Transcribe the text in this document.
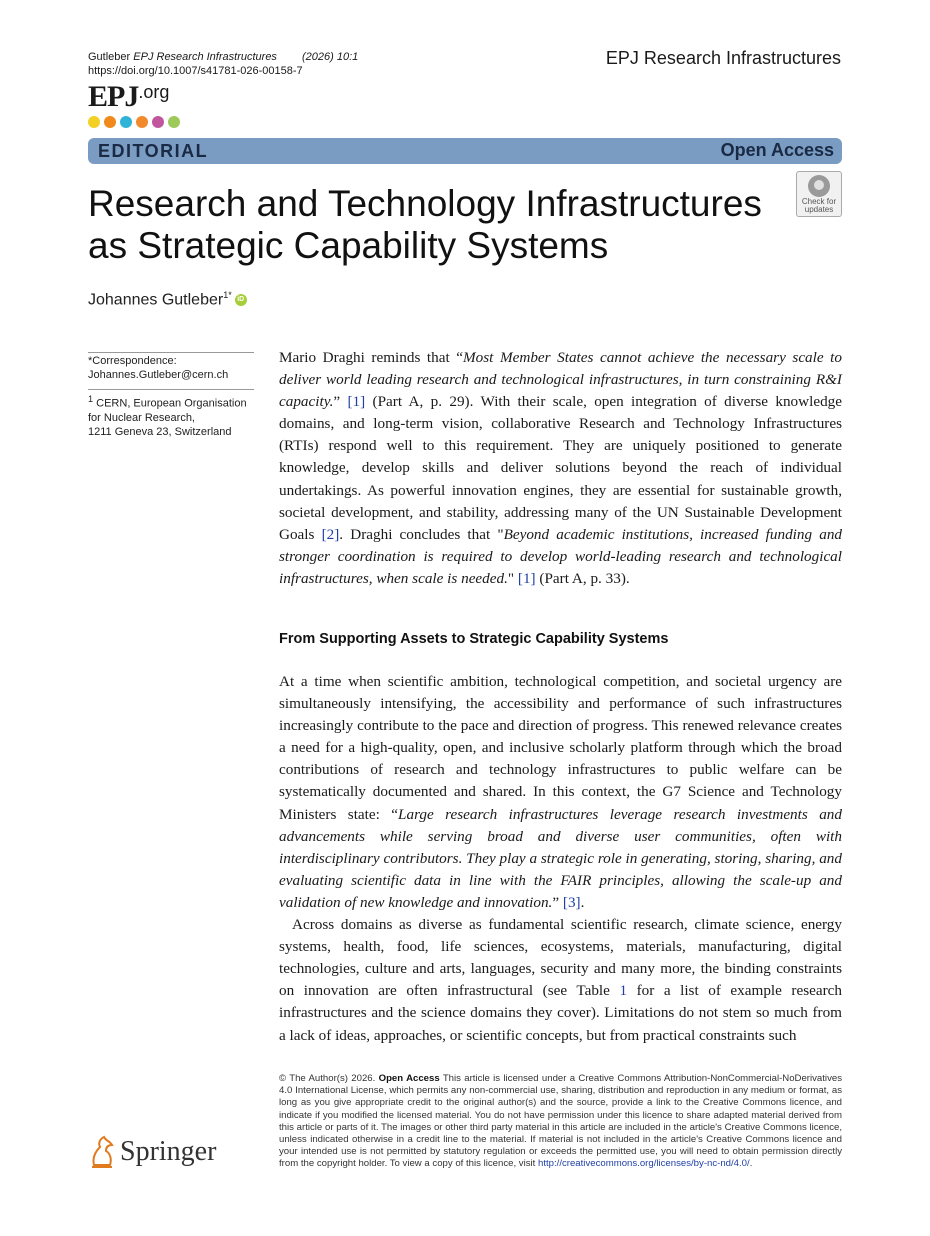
Gutleber EPJ Research Infrastructures (2026) 10:1
https://doi.org/10.1007/s41781-026-00158-7
EPJ Research Infrastructures
EPJ.org
EDITORIAL	Open Access
Research and Technology Infrastructures as Strategic Capability Systems
Check for updates
Johannes Gutleber$^{1*}$ iD
*Correspondence:
Johannes.Gutleber@cern.ch
$^1$ CERN, European Organisation
for Nuclear Research,
1211 Geneva 23, Switzerland

Mario Draghi reminds that “Most Member States cannot achieve the necessary scale to deliver world leading research and technological infrastructures, in turn constraining R&I capacity.” [1] (Part A, p. 29). With their scale, open integration of diverse knowledge domains, and long-term vision, collaborative Research and Technology Infrastructures (RTIs) respond well to this requirement. They are uniquely positioned to generate knowledge, develop skills and deliver solutions beyond the reach of individual undertakings. As powerful innovation engines, they are essential for sustainable growth, societal development, and stability, addressing many of the UN Sustainable Development Goals [2]. Draghi concludes that "Beyond academic institutions, increased funding and stronger coordination is required to develop world-leading research and technological infrastructures, when scale is needed." [1] (Part A, p. 33).

From Supporting Assets to Strategic Capability Systems

At a time when scientific ambition, technological competition, and societal urgency are simultaneously intensifying, the accessibility and performance of such infrastructures increasingly contribute to the pace and direction of progress. This renewed relevance creates a need for a high-quality, open, and inclusive scholarly platform through which the broad contributions of research and technology infrastructures to public welfare can be systematically documented and shared. In this context, the G7 Science and Technology Ministers state: “Large research infrastructures leverage research investments and advancements while serving broad and diverse user communities, often with interdisciplinary contributors. They play a strategic role in generating, storing, sharing, and evaluating scientific data in line with the FAIR principles, allowing the scale-up and validation of new knowledge and innovation.” [3].

Across domains as diverse as fundamental scientific research, climate science, energy systems, health, food, life sciences, ecosystems, materials, manufacturing, digital technologies, culture and arts, languages, security and many more, the binding constraints on innovation are often infrastructural (see Table 1 for a list of example research infrastructures and the science domains they cover). Limitations do not stem so much from a lack of ideas, approaches, or scientific concepts, but from practical constraints such

© The Author(s) 2026. Open Access This article is licensed under a Creative Commons Attribution-NonCommercial-NoDerivatives 4.0 International License, which permits any non-commercial use, sharing, distribution and reproduction in any medium or format, as long as you give appropriate credit to the original author(s) and the source, provide a link to the Creative Commons licence, and indicate if you modified the licensed material. You do not have permission under this licence to share adapted material derived from this article or parts of it. The images or other third party material in this article are included in the article's Creative Commons licence, unless indicated otherwise in a credit line to the material. If material is not included in the article's Creative Commons licence and your intended use is not permitted by statutory regulation or exceeds the permitted use, you will need to obtain permission directly from the copyright holder. To view a copy of this licence, visit http://creativecommons.org/licenses/by-nc-nd/4.0/.
Springer
